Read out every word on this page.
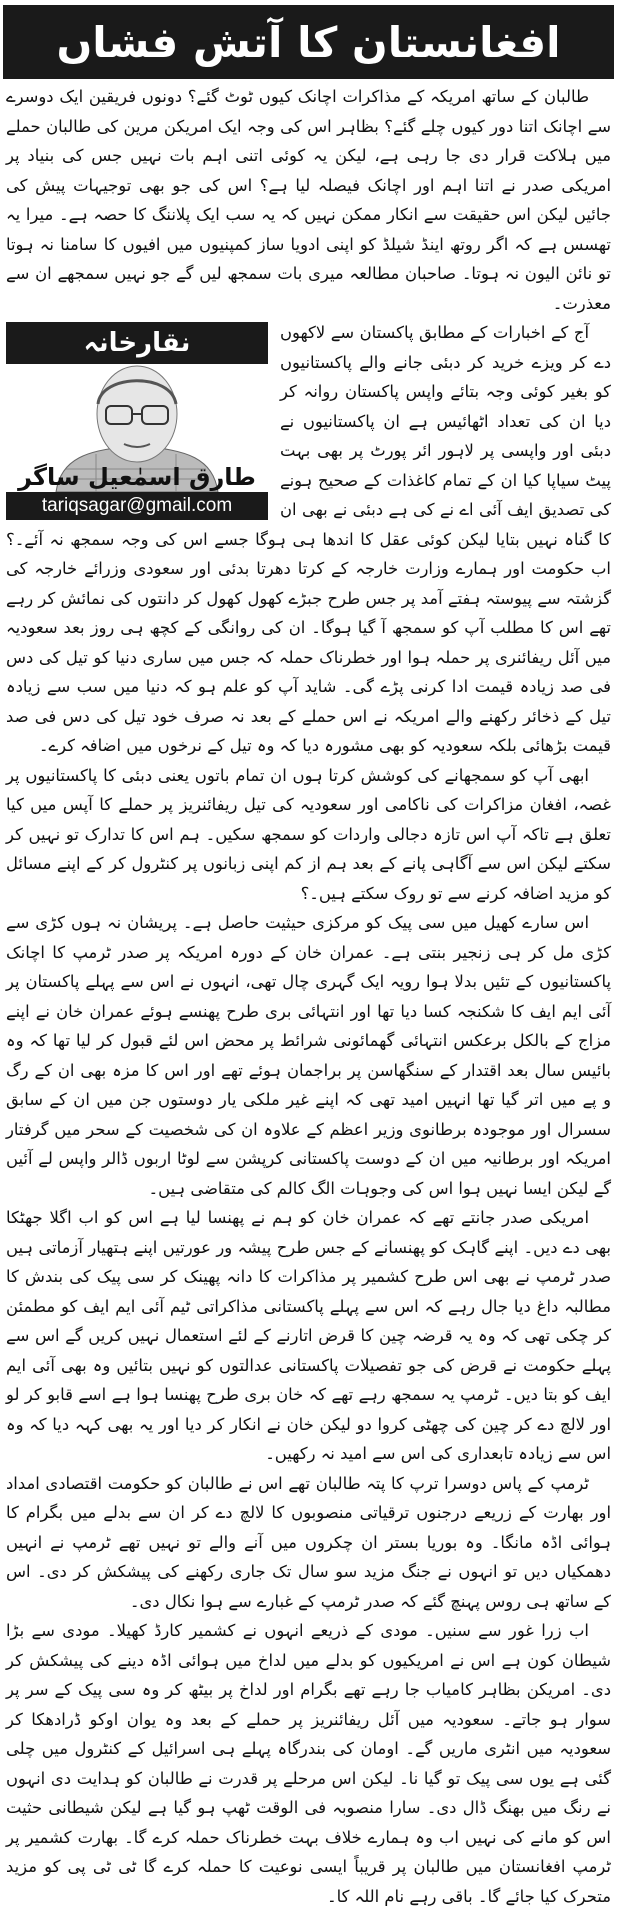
افغانستان کا آتش فشاں

طالبان کے ساتھ امریکہ کے مذاکرات اچانک کیوں ٹوٹ گئے؟ دونوں فریقین ایک دوسرے سے اچانک اتنا دور کیوں چلے گئے؟ بظاہر اس کی وجہ ایک امریکن مرین کی طالبان حملے میں ہلاکت قرار دی جا رہی ہے، لیکن یہ کوئی اتنی اہم بات نہیں جس کی بنیاد پر امریکی صدر نے اتنا اہم اور اچانک فیصلہ لیا ہے؟ اس کی جو بھی توجیہات پیش کی جائیں لیکن اس حقیقت سے انکار ممکن نہیں کہ یہ سب ایک پلاننگ کا حصہ ہے۔ میرا یہ تھسس ہے کہ اگر روتھ اینڈ شیلڈ کو اپنی ادویا ساز کمپنیوں میں افیوں کا سامنا نہ ہوتا تو نائن الیون نہ ہوتا۔ صاحبان مطالعہ میری بات سمجھ لیں گے جو نہیں سمجھے ان سے معذرت۔

نقارخانہ
طارق اسمٰعیل ساگر
tariqsagar@gmail.com

آج کے اخبارات کے مطابق پاکستان سے لاکھوں دے کر ویزے خرید کر دبئی جانے والے پاکستانیوں کو بغیر کوئی وجہ بتائے واپس پاکستان روانہ کر دیا ان کی تعداد اٹھائیس ہے ان پاکستانیوں نے دبئی اور واپسی پر لاہور ائر پورٹ پر بھی بہت پیٹ سیاپا کیا ان کے تمام کاغذات کے صحیح ہونے کی تصدیق ایف آئی اے نے کی ہے دبئی نے بھی ان کا گناہ نہیں بتایا لیکن کوئی عقل کا اندھا ہی ہوگا جسے اس کی وجہ سمجھ نہ آئے۔؟ اب حکومت اور ہمارے وزارت خارجہ کے کرتا دھرتا بدئی اور سعودی وزرائے خارجہ کی گزشتہ سے پیوستہ ہفتے آمد پر جس طرح جبڑے کھول کھول کر دانتوں کی نمائش کر رہے تھے اس کا مطلب آپ کو سمجھ آ گیا ہوگا۔ ان کی روانگی کے کچھ ہی روز بعد سعودیہ میں آئل ریفائنری پر حملہ ہوا اور خطرناک حملہ کہ جس میں ساری دنیا کو تیل کی دس فی صد زیادہ قیمت ادا کرنی پڑے گی۔ شاید آپ کو علم ہو کہ دنیا میں سب سے زیادہ تیل کے ذخائر رکھنے والے امریکہ نے اس حملے کے بعد نہ صرف خود تیل کی دس فی صد قیمت بڑھائی بلکہ سعودیہ کو بھی مشورہ دیا کہ وہ تیل کے نرخوں میں اضافہ کرے۔

ابھی آپ کو سمجھانے کی کوشش کرتا ہوں ان تمام باتوں یعنی دبئی کا پاکستانیوں پر غصہ، افغان مزاکرات کی ناکامی اور سعودیہ کی تیل ریفائنریز پر حملے کا آپس میں کیا تعلق ہے تاکہ آپ اس تازہ دجالی واردات کو سمجھ سکیں۔ ہم اس کا تدارک تو نہیں کر سکتے لیکن اس سے آگاہی پانے کے بعد ہم از کم اپنی زبانوں پر کنٹرول کر کے اپنے مسائل کو مزید اضافہ کرنے سے تو روک سکتے ہیں۔؟

اس سارے کھیل میں سی پیک کو مرکزی حیثیت حاصل ہے۔ پریشان نہ ہوں کڑی سے کڑی مل کر ہی زنجیر بنتی ہے۔ عمران خان کے دورہ امریکہ پر صدر ٹرمپ کا اچانک پاکستانیوں کے تئیں بدلا ہوا رویہ ایک گہری چال تھی، انہوں نے اس سے پہلے پاکستان پر آئی ایم ایف کا شکنجہ کسا دیا تھا اور انتہائی بری طرح پھنسے ہوئے عمران خان نے اپنے مزاج کے بالکل برعکس انتہائی گھمائونی شرائط پر محض اس لئے قبول کر لیا تھا کہ وہ بائیس سال بعد اقتدار کے سنگھاسن پر براجمان ہوئے تھے اور اس کا مزہ بھی ان کے رگ و پے میں اتر گیا تھا انہیں امید تھی کہ اپنے غیر ملکی یار دوستوں جن میں ان کے سابق سسرال اور موجودہ برطانوی وزیر اعظم کے علاوہ ان کی شخصیت کے سحر میں گرفتار امریکہ اور برطانیہ میں ان کے دوست پاکستانی کرپشن سے لوٹا اربوں ڈالر واپس لے آئیں گے لیکن ایسا نہیں ہوا اس کی وجوہات الگ کالم کی متقاضی ہیں۔

امریکی صدر جانتے تھے کہ عمران خان کو ہم نے پھنسا لیا ہے اس کو اب اگلا جھٹکا بھی دے دیں۔ اپنے گاہک کو پھنسانے کے جس طرح پیشہ ور عورتیں اپنے ہتھیار آزماتی ہیں صدر ٹرمپ نے بھی اس طرح کشمیر پر مذاکرات کا دانہ پھینک کر سی پیک کی بندش کا مطالبہ داغ دیا جال رہے کہ اس سے پہلے پاکستانی مذاکراتی ٹیم آئی ایم ایف کو مطمئن کر چکی تھی کہ وہ یہ قرضہ چین کا قرض اتارنے کے لئے استعمال نہیں کریں گے اس سے پہلے حکومت نے قرض کی جو تفصیلات پاکستانی عدالتوں کو نہیں بتائیں وہ بھی آئی ایم ایف کو بتا دیں۔ ٹرمپ یہ سمجھ رہے تھے کہ خان بری طرح پھنسا ہوا ہے اسے قابو کر لو اور لالچ دے کر چین کی چھٹی کروا دو لیکن خان نے انکار کر دیا اور یہ بھی کہہ دیا کہ وہ اس سے زیادہ تابعداری کی اس سے امید نہ رکھیں۔

ٹرمپ کے پاس دوسرا ترپ کا پتہ طالبان تھے اس نے طالبان کو حکومت اقتصادی امداد اور بھارت کے زریعے درجنوں ترقیاتی منصوبوں کا لالچ دے کر ان سے بدلے میں بگرام کا ہوائی اڈہ مانگا۔ وہ بوریا بستر ان چکروں میں آنے والے تو نہیں تھے ٹرمپ نے انہیں دھمکیاں دیں تو انہوں نے جنگ مزید سو سال تک جاری رکھنے کی پیشکش کر دی۔ اس کے ساتھ ہی روس پہنچ گئے کہ صدر ٹرمپ کے غبارے سے ہوا نکال دی۔

اب زرا غور سے سنیں۔ مودی کے ذریعے انہوں نے کشمیر کارڈ کھیلا۔ مودی سے بڑا شیطان کون ہے اس نے امریکیوں کو بدلے میں لداخ میں ہوائی اڈہ دینے کی پیشکش کر دی۔ امریکن بظاہر کامیاب جا رہے تھے بگرام اور لداخ پر بیٹھ کر وہ سی پیک کے سر پر سوار ہو جاتے۔ سعودیہ میں آئل ریفائنریز پر حملے کے بعد وہ یوان اوکو ڈرادھکا کر سعودیہ میں انٹری ماریں گے۔ اومان کی بندرگاہ پہلے ہی اسرائیل کے کنٹرول میں چلی گئی ہے یوں سی پیک تو گیا نا۔ لیکن اس مرحلے پر قدرت نے طالبان کو ہدایت دی انہوں نے رنگ میں بھنگ ڈال دی۔ سارا منصوبہ فی الوقت ٹھپ ہو گیا ہے لیکن شیطانی حثیت اس کو مانے کی نہیں اب وہ ہمارے خلاف بہت خطرناک حملہ کرے گا۔ بھارت کشمیر پر ٹرمپ افغانستان میں طالبان پر قریباً ایسی نوعیت کا حملہ کرے گا ٹی ٹی پی کو مزید متحرک کیا جائے گا۔ باقی رہے نام اللہ کا۔
